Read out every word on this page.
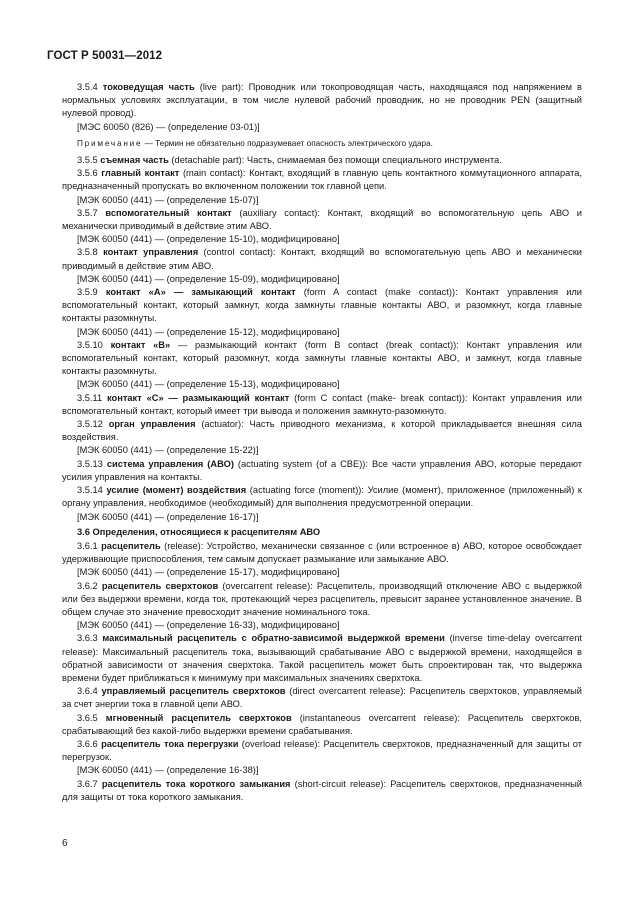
ГОСТ Р 50031—2012

3.5.4 токоведущая часть (live part): Проводник или токопроводящая часть, находящаяся под напряжением в нормальных условиях эксплуатации, в том числе нулевой рабочий проводник, но не проводник PEN (защитный нулевой провод).

[МЭС 60050 (826) — (определение 03-01)]

Примечание — Термин не обязательно подразумевает опасность электрического удара.

3.5.5 съемная часть (detachable part): Часть, снимаемая без помощи специального инструмента.

3.5.6 главный контакт (main contact): Контакт, входящий в главную цепь контактного коммутационного аппарата, предназначенный пропускать во включенном положении ток главной цепи.

[МЭК 60050 (441) — (определение 15-07)]

3.5.7 вспомогательный контакт (auxiliary contact): Контакт, входящий во вспомогательную цепь АВО и механически приводимый в действие этим АВО.

[МЭК 60050 (441) — (определение 15-10), модифицировано]

3.5.8 контакт управления (control contact): Контакт, входящий во вспомогательную цепь АВО и механически приводимый в действие этим АВО.

[МЭК 60050 (441) — (определение 15-09), модифицировано]

3.5.9 контакт «А» — замыкающий контакт (form A contact (make contact)): Контакт управления или вспомогательный контакт, который замкнут, когда замкнуты главные контакты АВО, и разомкнут, когда главные контакты разомкнуты.

[МЭК 60050 (441) — (определение 15-12), модифицировано]

3.5.10 контакт «В» — размыкающий контакт (form B contact (break contact)): Контакт управления или вспомогательный контакт, который разомкнут, когда замкнуты главные контакты АВО, и замкнут, когда главные контакты разомкнуты.

[МЭК 60050 (441) — (определение 15-13), модифицировано]

3.5.11 контакт «С» — размыкающий контакт (form C contact (make- break contact)): Контакт управления или вспомогательный контакт, который имеет три вывода и положения замкнуто-разомкнуто.

3.5.12 орган управления (actuator): Часть приводного механизма, к которой прикладывается внешняя сила воздействия.

[МЭК 60050 (441) — (определение 15-22)]

3.5.13 система управления (АВО) (actuating system (of a CBE)): Все части управления АВО, которые передают усилия управления на контакты.

3.5.14 усилие (момент) воздействия (actuating force (moment)): Усилие (момент), приложенное (приложенный) к органу управления, необходимое (необходимый) для выполнения предусмотренной операции.

[МЭК 60050 (441) — (определение 16-17)]

3.6 Определения, относящиеся к расцепителям АВО

3.6.1 расцепитель (release): Устройство, механически связанное с (или встроенное в) АВО, которое освобождает удерживающие приспособления, тем самым допускает размыкание или замыкание АВО.

[МЭК 60050 (441) — (определение 15-17), модифицировано]

3.6.2 расцепитель сверхтоков (overcarrent release): Расцепитель, производящий отключение АВО с выдержкой или без выдержки времени, когда ток, протекающий через расцепитель, превысит заранее установленное значение. В общем случае это значение превосходит значение номинального тока.

[МЭК 60050 (441) — (определение 16-33), модифицировано]

3.6.3 максимальный расцепитель с обратно-зависимой выдержкой времени (inverse time-delay overcarrent release): Максимальный расцепитель тока, вызывающий срабатывание АВО с выдержкой времени, находящейся в обратной зависимости от значения сверхтока. Такой расцепитель может быть спроектирован так, что выдержка времени будет приближаться к минимуму при максимальных значениях сверхтока.

3.6.4 управляемый расцепитель сверхтоков (direct overcarrent release): Расцепитель сверхтоков, управляемый за счет энергии тока в главной цепи АВО.

3.6.5 мгновенный расцепитель сверхтоков (instantaneous overcarrent release): Расцепитель сверхтоков, срабатывающий без какой-либо выдержки времени срабатывания.

3.6.6 расцепитель тока перегрузки (overload release): Расцепитель сверхтоков, предназначенный для защиты от перегрузок.

[МЭК 60050 (441) — (определение 16-38)]

3.6.7 расцепитель тока короткого замыкания (short-circuit release): Расцепитель сверхтоков, предназначенный для защиты от тока короткого замыкания.

6
